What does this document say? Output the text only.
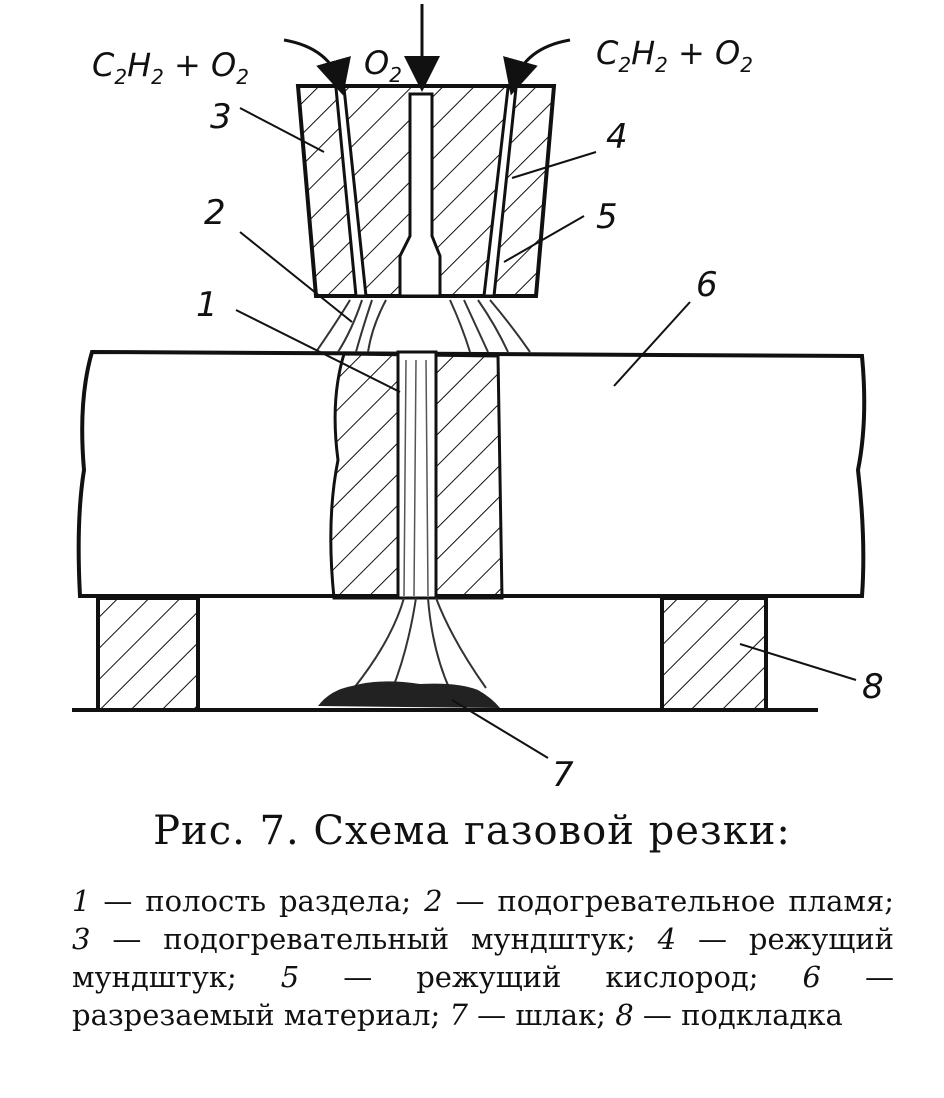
$C_2H_2 + O_2$	$O_2$
$C_2H_2 + O_2$
1
2
3	4
5
6
7
8
Рис. 7. Схема газовой резки:
1 — полость раздела; 2 — подогревательное пламя; 3 — подогревательный мундштук; 4 — режущий мундштук; 5 — режущий кислород; 6 — разрезаемый материал; 7 — шлак; 8 — подкладка
